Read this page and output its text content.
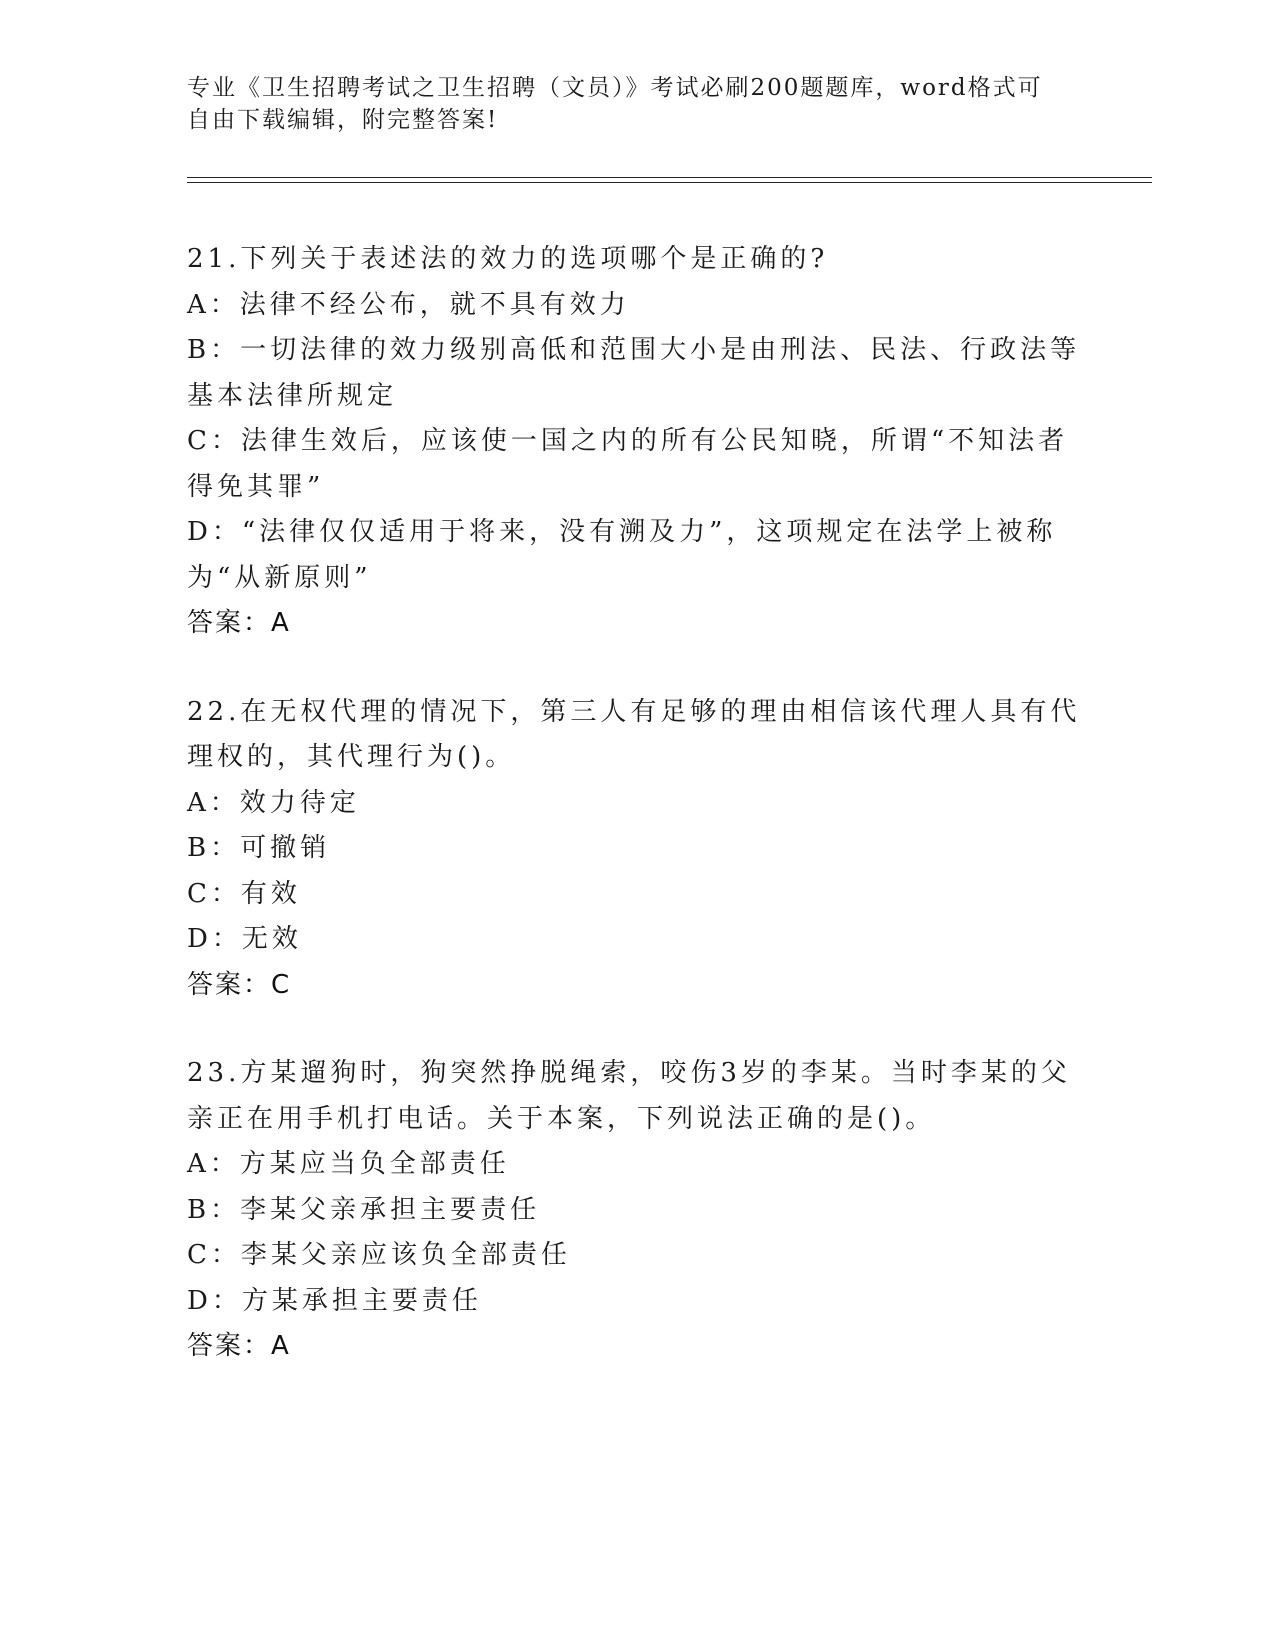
专业《卫生招聘考试之卫生招聘（文员）》考试必刷200题题库，word格式可自由下载编辑，附完整答案!
21.下列关于表述法的效力的选项哪个是正确的?
A：法律不经公布，就不具有效力
B：一切法律的效力级别高低和范围大小是由刑法、民法、行政法等基本法律所规定
C：法律生效后，应该使一国之内的所有公民知晓，所谓“不知法者得免其罪”
D：“法律仅仅适用于将来，没有溯及力”，这项规定在法学上被称为“从新原则”
答案：A
22.在无权代理的情况下，第三人有足够的理由相信该代理人具有代理权的，其代理行为()。
A：效力待定
B：可撤销
C：有效
D：无效
答案：C
23.方某遛狗时，狗突然挣脱绳索，咬伤3岁的李某。当时李某的父亲正在用手机打电话。关于本案，下列说法正确的是()。
A：方某应当负全部责任
B：李某父亲承担主要责任
C：李某父亲应该负全部责任
D：方某承担主要责任
答案：A
